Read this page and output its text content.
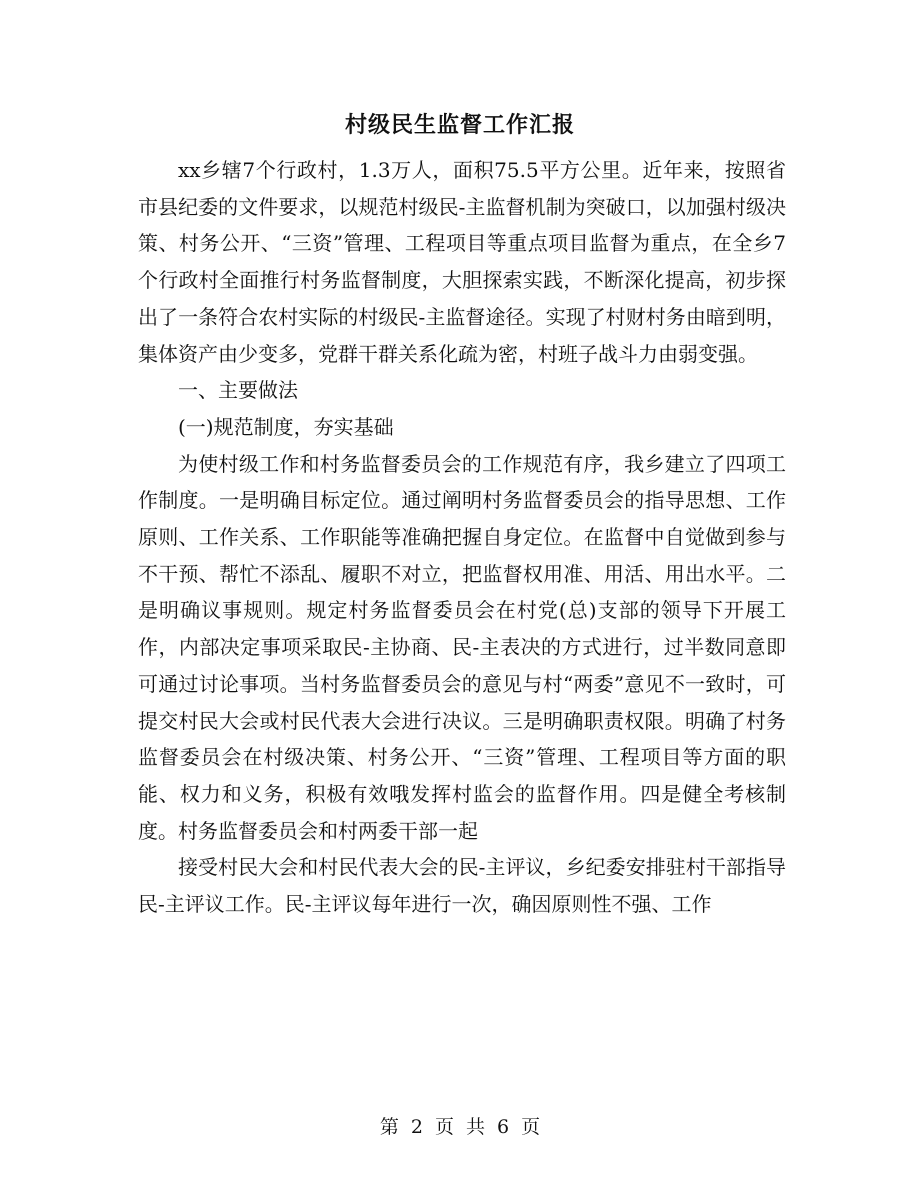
村级民生监督工作汇报

xx乡辖7个行政村，1.3万人，面积75.5平方公里。近年来，按照省市县纪委的文件要求，以规范村级民-主监督机制为突破口，以加强村级决策、村务公开、“三资”管理、工程项目等重点项目监督为重点，在全乡7个行政村全面推行村务监督制度，大胆探索实践，不断深化提高，初步探出了一条符合农村实际的村级民-主监督途径。实现了村财村务由暗到明，集体资产由少变多，党群干群关系化疏为密，村班子战斗力由弱变强。

一、主要做法

(一)规范制度，夯实基础

为使村级工作和村务监督委员会的工作规范有序，我乡建立了四项工作制度。一是明确目标定位。通过阐明村务监督委员会的指导思想、工作原则、工作关系、工作职能等准确把握自身定位。在监督中自觉做到参与不干预、帮忙不添乱、履职不对立，把监督权用准、用活、用出水平。二是明确议事规则。规定村务监督委员会在村党(总)支部的领导下开展工作，内部决定事项采取民-主协商、民-主表决的方式进行，过半数同意即可通过讨论事项。当村务监督委员会的意见与村“两委”意见不一致时，可提交村民大会或村民代表大会进行决议。三是明确职责权限。明确了村务监督委员会在村级决策、村务公开、“三资”管理、工程项目等方面的职能、权力和义务，积极有效哦发挥村监会的监督作用。四是健全考核制度。村务监督委员会和村两委干部一起

接受村民大会和村民代表大会的民-主评议，乡纪委安排驻村干部指导民-主评议工作。民-主评议每年进行一次，确因原则性不强、工作

第 2 页 共 6 页
